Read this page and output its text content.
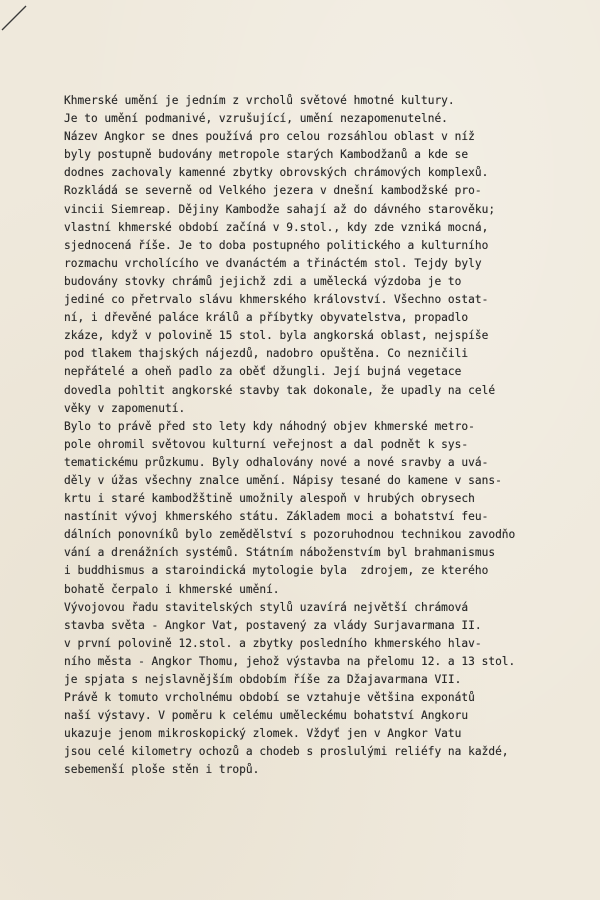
Khmerské umění je jedním z vrcholů světové hmotné kultury.
Je to umění podmanivé, vzrušující, umění nezapomenutelné.
Název Angkor se dnes používá pro celou rozsáhlou oblast v níž
byly postupně budovány metropole starých Kambodžanů a kde se
dodnes zachovaly kamenné zbytky obrovských chrámových komplexů.
Rozkládá se severně od Velkého jezera v dnešní kambodžské pro-
vincii Siemreap. Dějiny Kambodže sahají až do dávného starověku;
vlastní khmerské období začíná v 9.stol., kdy zde vzniká mocná,
sjednocená říše. Je to doba postupného politického a kulturního
rozmachu vrcholícího ve dvanáctém a třináctém stol. Tejdy byly
budovány stovky chrámů jejichž zdi a umělecká výzdoba je to
jediné co přetrvalo slávu khmerského království. Všechno ostat-
ní, i dřevěné paláce králů a příbytky obyvatelstva, propadlo
zkáze, když v polovině 15 stol. byla angkorská oblast, nejspíše
pod tlakem thajských nájezdů, nadobro opuštěna. Co nezničili
nepřátelé a oheň padlo za oběť džungli. Její bujná vegetace
dovedla pohltit angkorské stavby tak dokonale, že upadly na celé
věky v zapomenutí.
Bylo to právě před sto lety kdy náhodný objev khmerské metro-
pole ohromil světovou kulturní veřejnost a dal podnět k sys-
tematickému průzkumu. Byly odhalovány nové a nové sravby a uvá-
děly v úžas všechny znalce umění. Nápisy tesané do kamene v sans-
krtu i staré kambodžštině umožnily alespoň v hrubých obrysech
nastínit vývoj khmerského státu. Základem moci a bohatství feu-
dálních ponovníků bylo zemědělství s pozoruhodnou technikou zavodňo
vání a drenážních systémů. Státním náboženstvím byl brahmanismus
i buddhismus a staroindická mytologie byla  zdrojem, ze kterého
bohatě čerpalo i khmerské umění.
Vývojovou řadu stavitelských stylů uzavírá největší chrámová
stavba světa - Angkor Vat, postavený za vlády Surjavarmana II.
v první polovině 12.stol. a zbytky posledního khmerského hlav-
ního města - Angkor Thomu, jehož výstavba na přelomu 12. a 13 stol.
je spjata s nejslavnějším obdobím říše za Džajavarmana VII.
Právě k tomuto vrcholnému období se vztahuje většina exponátů
naší výstavy. V poměru k celému uměleckému bohatství Angkoru
ukazuje jenom mikroskopický zlomek. Vždyť jen v Angkor Vatu
jsou celé kilometry ochozů a chodeb s proslulými reliéfy na každé,
sebemenší ploše stěn i tropů.
